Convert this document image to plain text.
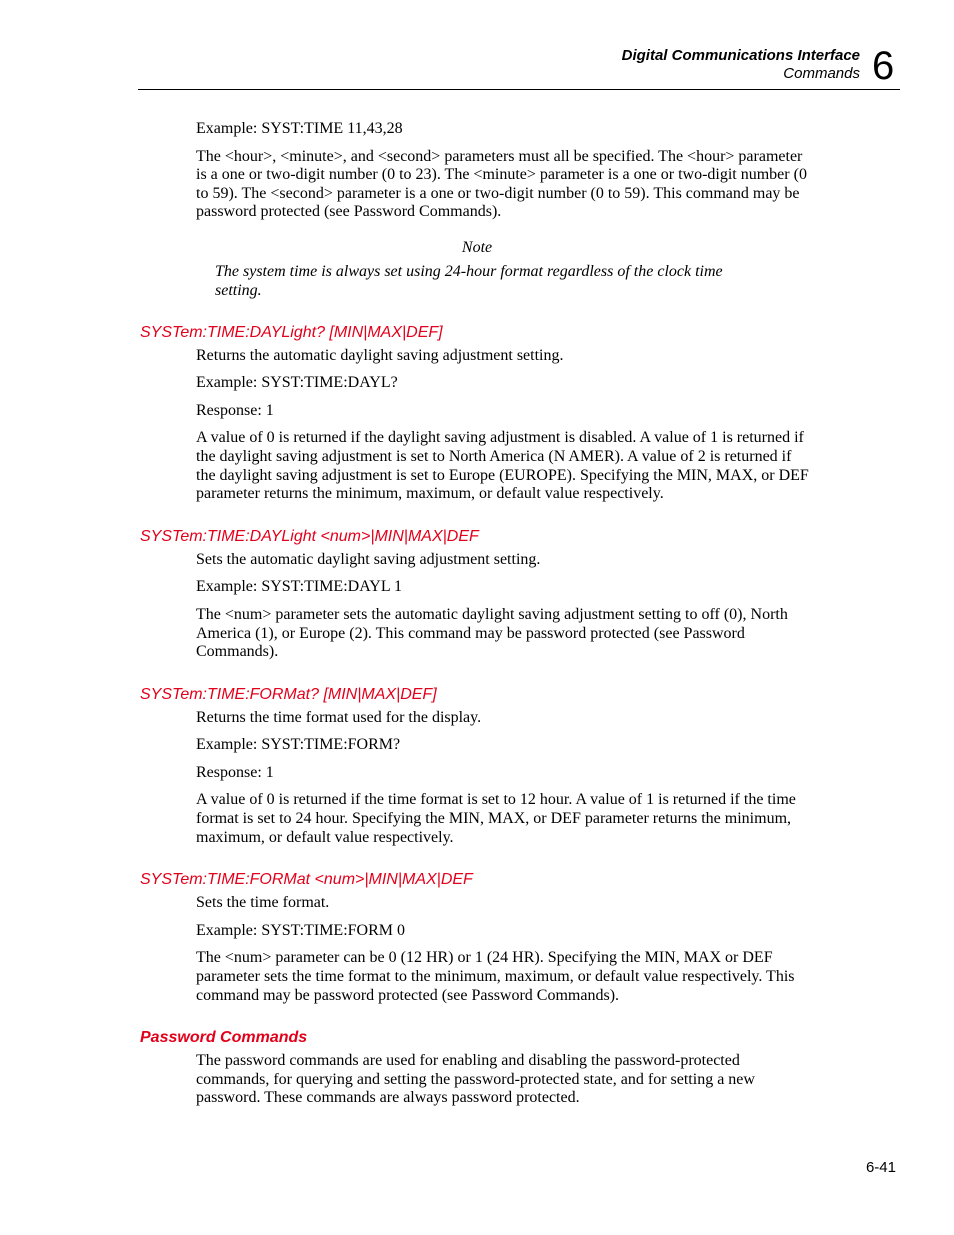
Digital Communications Interface
Commands 6

Example: SYST:TIME 11,43,28

The <hour>, <minute>, and <second> parameters must all be specified. The <hour> parameter is a one or two-digit number (0 to 23). The <minute> parameter is a one or two-digit number (0 to 59). The <second> parameter is a one or two-digit number (0 to 59). This command may be password protected (see Password Commands).

Note
The system time is always set using 24-hour format regardless of the clock time setting.
SYSTem:TIME:DAYLight? [MIN|MAX|DEF]

Returns the automatic daylight saving adjustment setting.

Example: SYST:TIME:DAYL?

Response: 1

A value of 0 is returned if the daylight saving adjustment is disabled. A value of 1 is returned if the daylight saving adjustment is set to North America (N AMER). A value of 2 is returned if the daylight saving adjustment is set to Europe (EUROPE). Specifying the MIN, MAX, or DEF parameter returns the minimum, maximum, or default value respectively.

SYSTem:TIME:DAYLight <num>|MIN|MAX|DEF

Sets the automatic daylight saving adjustment setting.

Example: SYST:TIME:DAYL 1

The <num> parameter sets the automatic daylight saving adjustment setting to off (0), North America (1), or Europe (2). This command may be password protected (see Password Commands).

SYSTem:TIME:FORMat? [MIN|MAX|DEF]

Returns the time format used for the display.

Example: SYST:TIME:FORM?

Response: 1

A value of 0 is returned if the time format is set to 12 hour. A value of 1 is returned if the time format is set to 24 hour. Specifying the MIN, MAX, or DEF parameter returns the minimum, maximum, or default value respectively.

SYSTem:TIME:FORMat <num>|MIN|MAX|DEF

Sets the time format.

Example: SYST:TIME:FORM 0

The <num> parameter can be 0 (12 HR) or 1 (24 HR). Specifying the MIN, MAX or DEF parameter sets the time format to the minimum, maximum, or default value respectively. This command may be password protected (see Password Commands).

Password Commands

The password commands are used for enabling and disabling the password-protected commands, for querying and setting the password-protected state, and for setting a new password. These commands are always password protected.

6-41
